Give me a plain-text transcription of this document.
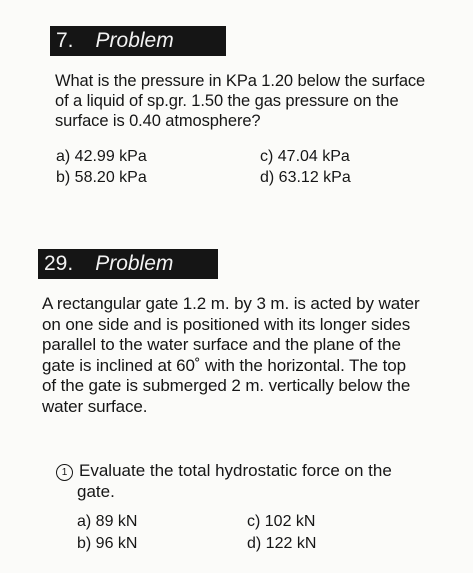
7. Problem
What is the pressure in KPa 1.20 below the surface of a liquid of sp.gr. 1.50 the gas pressure on the surface is 0.40 atmosphere?
a) 42.99 kPa
b) 58.20 kPa
c) 47.04 kPa
d) 63.12 kPa
29. Problem
A rectangular gate 1.2 m. by 3 m. is acted by water on one side and is positioned with its longer sides parallel to the water surface and the plane of the gate is inclined at 60˚ with the horizontal. The top of the gate is submerged 2 m. vertically below the water surface.
1 Evaluate the total hydrostatic force on the
gate.
a) 89 kN
b) 96 kN
c) 102 kN
d) 122 kN
